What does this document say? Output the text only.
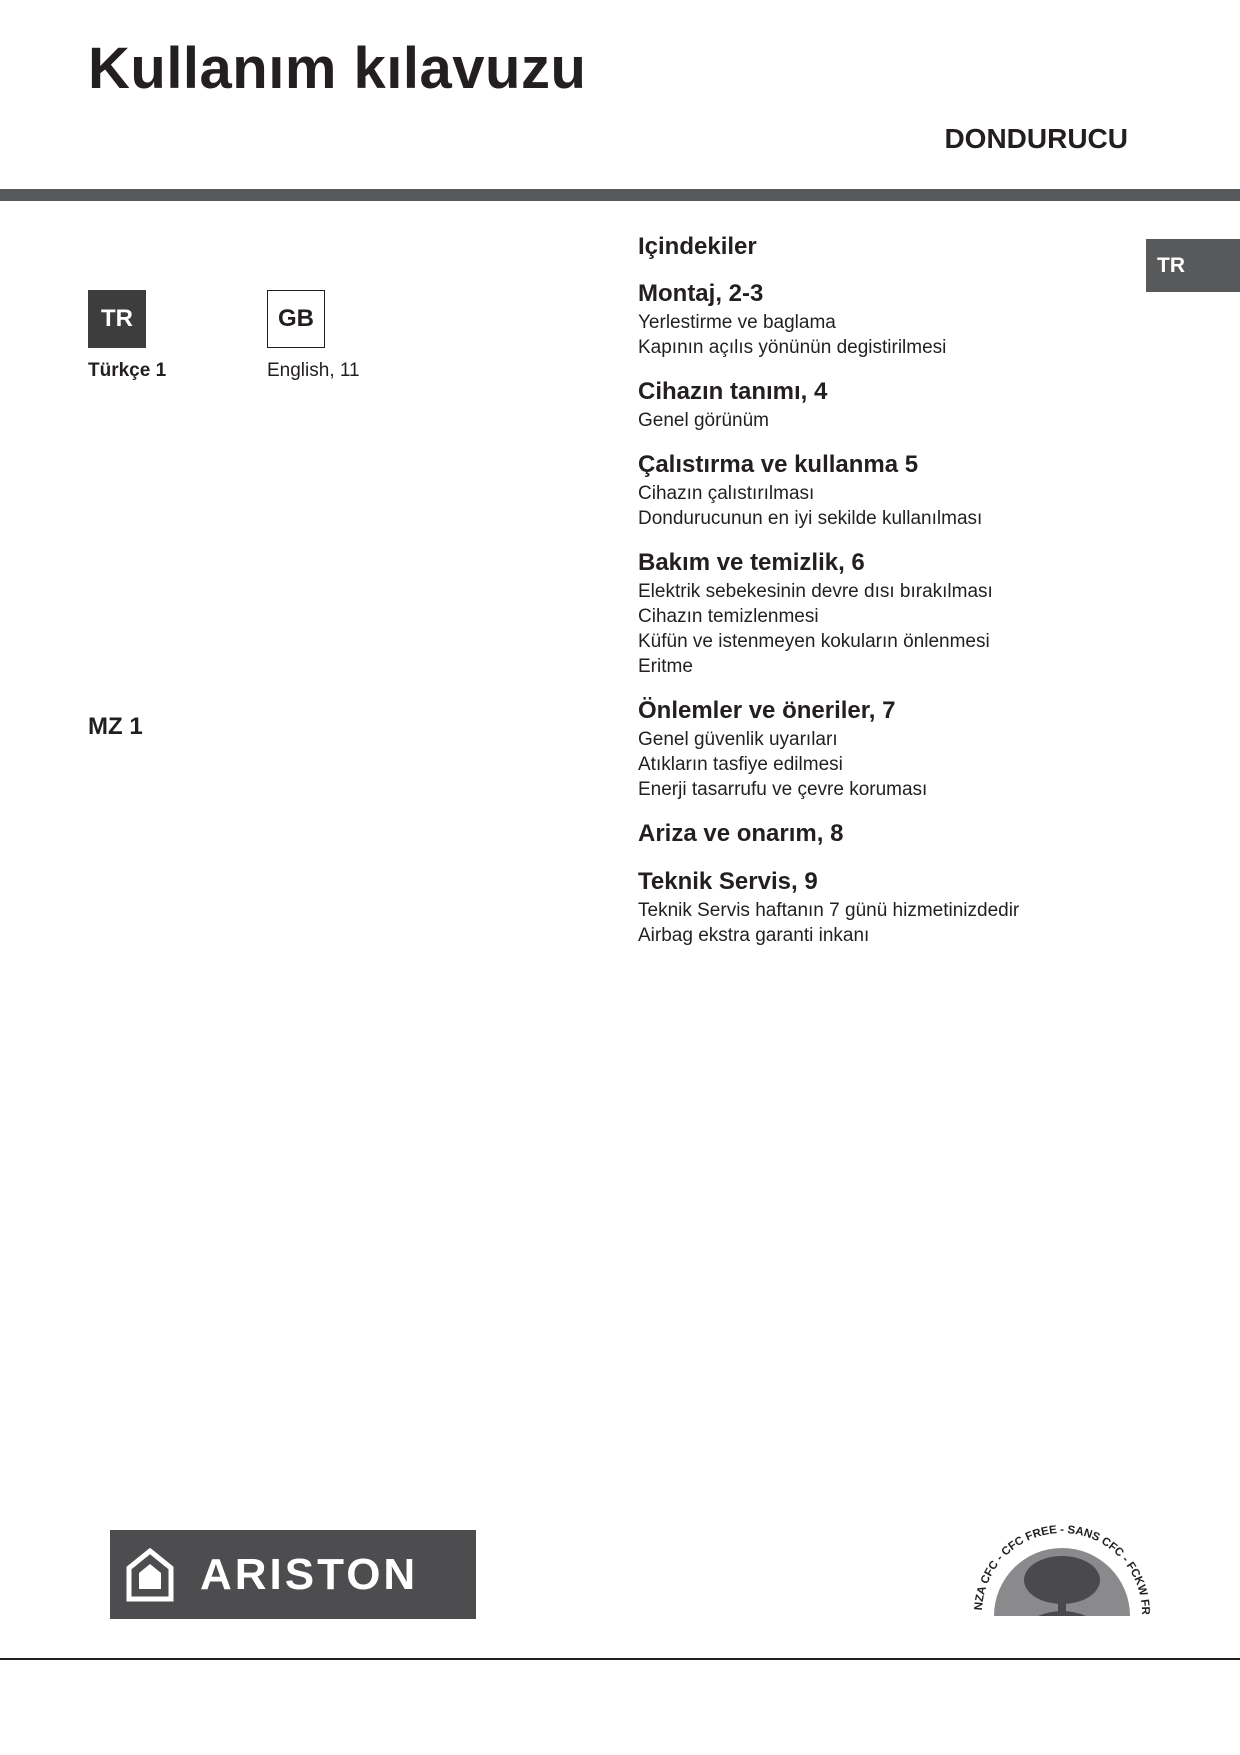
Kullanım kılavuzu
DONDURUCU
TR
Türkçe 1
GB
English, 11
MZ 1
TR
Içindekiler
Montaj, 2-3
Yerlestirme ve baglama
Kapının açılıs yönünün degistirilmesi
Cihazın tanımı, 4
Genel görünüm
Çalıstırma ve kullanma 5
Cihazın çalıstırılması
Dondurucunun en iyi sekilde kullanılması
Bakım ve temizlik, 6
Elektrik sebekesinin devre dısı bırakılması
Cihazın temizlenmesi
Küfün ve istenmeyen kokuların önlenmesi
Eritme
Önlemler ve öneriler, 7
Genel güvenlik uyarıları
Atıkların tasfiye edilmesi
Enerji tasarrufu ve çevre koruması
Ariza ve onarım, 8
Teknik Servis, 9
Teknik Servis haftanın 7 günü hizmetinizdedir
Airbag ekstra garanti inkanı
ARISTON
NZA CFC - CFC FREE - SANS CFC - FCKW FR
